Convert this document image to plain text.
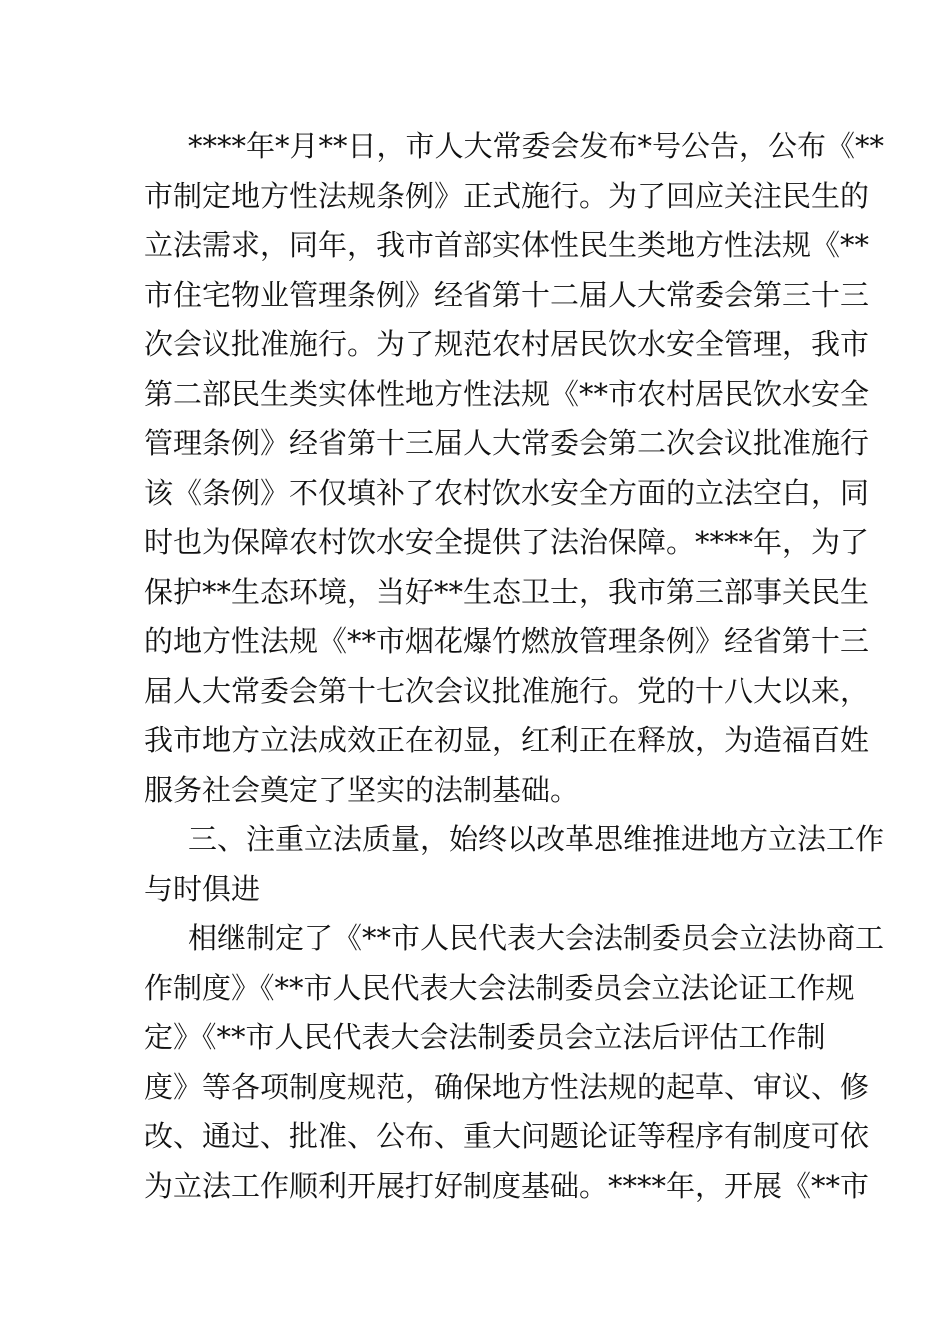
****年*月**日，市人大常委会发布*号公告，公布《**
市制定地方性法规条例》正式施行。为了回应关注民生的
立法需求，同年，我市首部实体性民生类地方性法规《**
市住宅物业管理条例》经省第十二届人大常委会第三十三
次会议批准施行。为了规范农村居民饮水安全管理，我市
第二部民生类实体性地方性法规《**市农村居民饮水安全
管理条例》经省第十三届人大常委会第二次会议批准施行
该《条例》不仅填补了农村饮水安全方面的立法空白，同
时也为保障农村饮水安全提供了法治保障。****年，为了
保护**生态环境，当好**生态卫士，我市第三部事关民生
的地方性法规《**市烟花爆竹燃放管理条例》经省第十三
届人大常委会第十七次会议批准施行。党的十八大以来，
我市地方立法成效正在初显，红利正在释放，为造福百姓
服务社会奠定了坚实的法制基础。
三、注重立法质量，始终以改革思维推进地方立法工作
与时俱进
相继制定了《**市人民代表大会法制委员会立法协商工
作制度》《**市人民代表大会法制委员会立法论证工作规
定》《**市人民代表大会法制委员会立法后评估工作制
度》等各项制度规范，确保地方性法规的起草、审议、修
改、通过、批准、公布、重大问题论证等程序有制度可依
为立法工作顺利开展打好制度基础。****年，开展《**市
